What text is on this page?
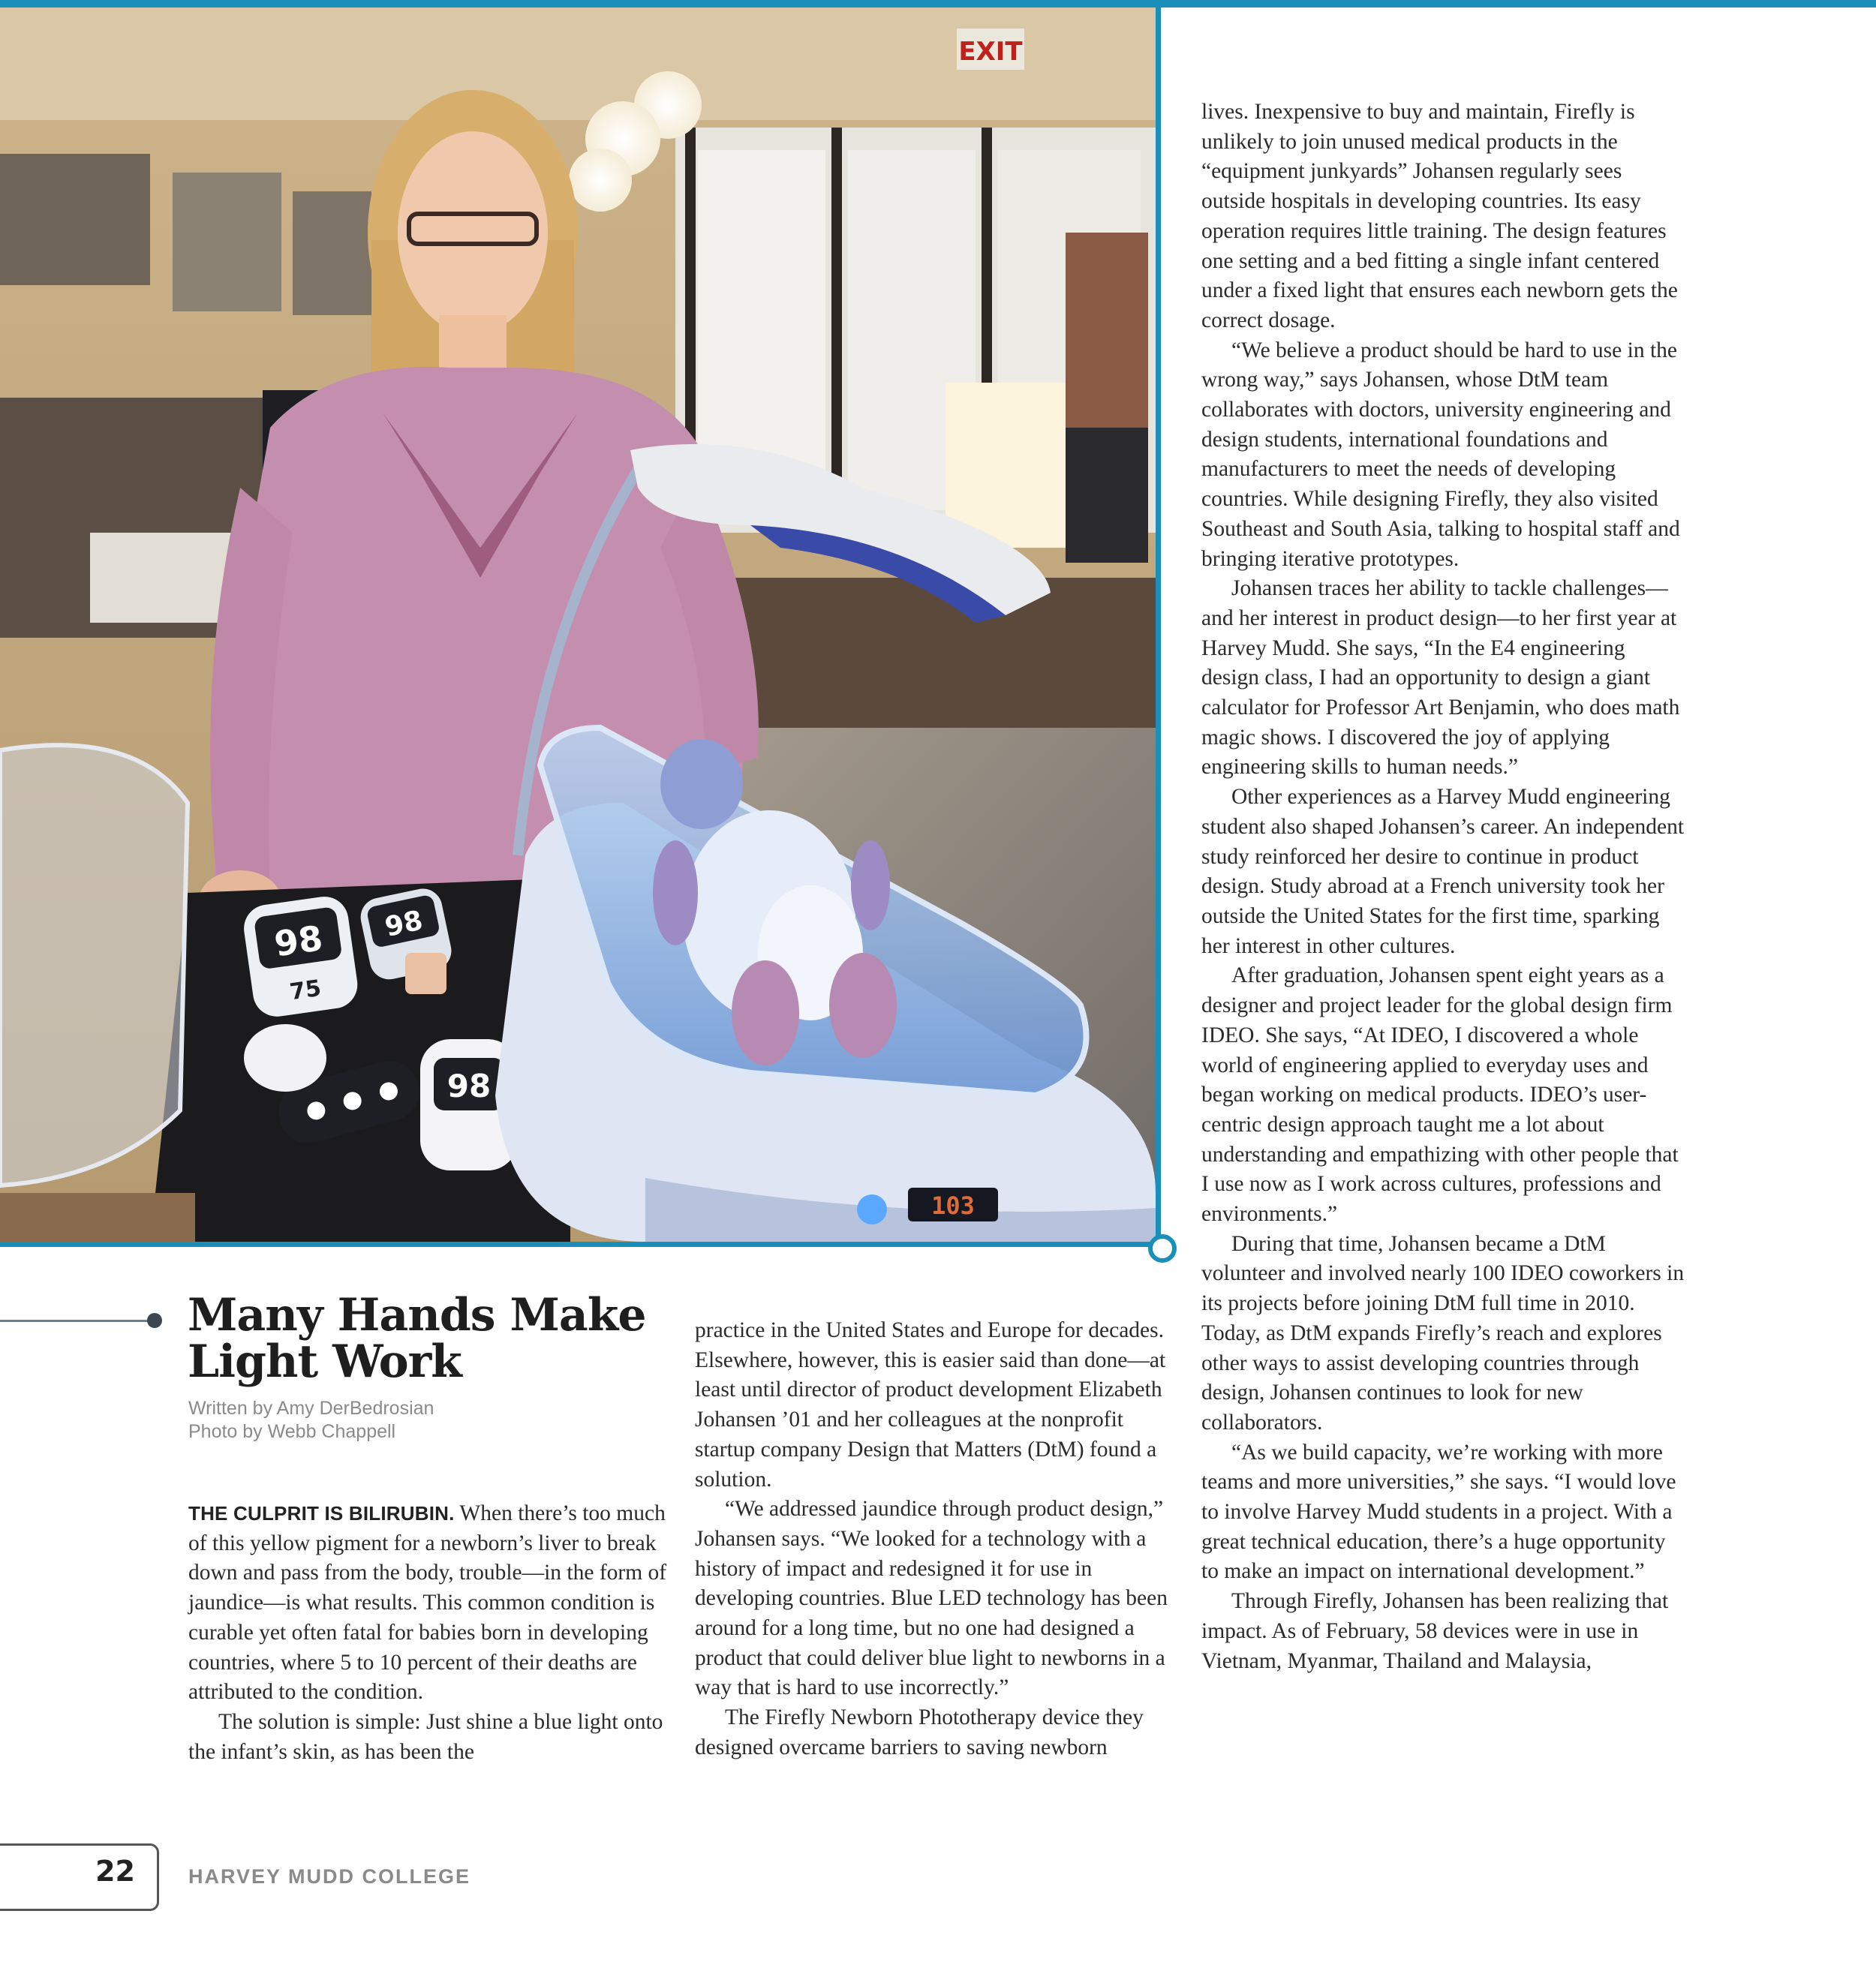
EXIT
98
75
98
98
103
Many Hands Make
Light Work
Written by Amy DerBedrosian
Photo by Webb Chappell

THE CULPRIT IS BILIRUBIN. When there’s too much of this yellow pigment for a newborn’s liver to break down and pass from the body, trouble—in the form of jaundice—is what results. This common condition is curable yet often fatal for babies born in developing countries, where 5 to 10 percent of their deaths are attributed to the condition.

The solution is simple: Just shine a blue light onto the infant’s skin, as has been the

practice in the United States and Europe for decades. Elsewhere, however, this is easier said than done—at least until director of product development Elizabeth Johansen ’01 and her colleagues at the nonprofit startup company Design that Matters (DtM) found a solution.

“We addressed jaundice through product design,” Johansen says. “We looked for a technology with a history of impact and redesigned it for use in developing countries. Blue LED technology has been around for a long time, but no one had designed a product that could deliver blue light to newborns in a way that is hard to use incorrectly.”

The Firefly Newborn Phototherapy device they designed overcame barriers to saving newborn

lives. Inexpensive to buy and maintain, Firefly is unlikely to join unused medical products in the “equipment junkyards” Johansen regularly sees outside hospitals in developing countries. Its easy operation requires little training. The design features one setting and a bed fitting a single infant centered under a fixed light that ensures each newborn gets the correct dosage.

“We believe a product should be hard to use in the wrong way,” says Johansen, whose DtM team collaborates with doctors, university engineering and design students, international foundations and manufacturers to meet the needs of developing countries. While designing Firefly, they also visited Southeast and South Asia, talking to hospital staff and bringing iterative prototypes.

Johansen traces her ability to tackle challenges—and her interest in product design—to her first year at Harvey Mudd. She says, “In the E4 engineering design class, I had an opportunity to design a giant calculator for Professor Art Benjamin, who does math magic shows. I discovered the joy of applying engineering skills to human needs.”

Other experiences as a Harvey Mudd engineering student also shaped Johansen’s career. An independent study reinforced her desire to continue in product design. Study abroad at a French university took her outside the United States for the first time, sparking her interest in other cultures.

After graduation, Johansen spent eight years as a designer and project leader for the global design firm IDEO. She says, “At IDEO, I discovered a whole world of engineering applied to everyday uses and began working on medical products. IDEO’s user-centric design approach taught me a lot about understanding and empathizing with other people that I use now as I work across cultures, professions and environments.”

During that time, Johansen became a DtM volunteer and involved nearly 100 IDEO coworkers in its projects before joining DtM full time in 2010. Today, as DtM expands Firefly’s reach and explores other ways to assist developing countries through design, Johansen continues to look for new collaborators.

“As we build capacity, we’re working with more teams and more universities,” she says. “I would love to involve Harvey Mudd students in a project. With a great technical education, there’s a huge opportunity to make an impact on international development.”

Through Firefly, Johansen has been realizing that impact. As of February, 58 devices were in use in Vietnam, Myanmar, Thailand and Malaysia,

22	HARVEY MUDD COLLEGE
